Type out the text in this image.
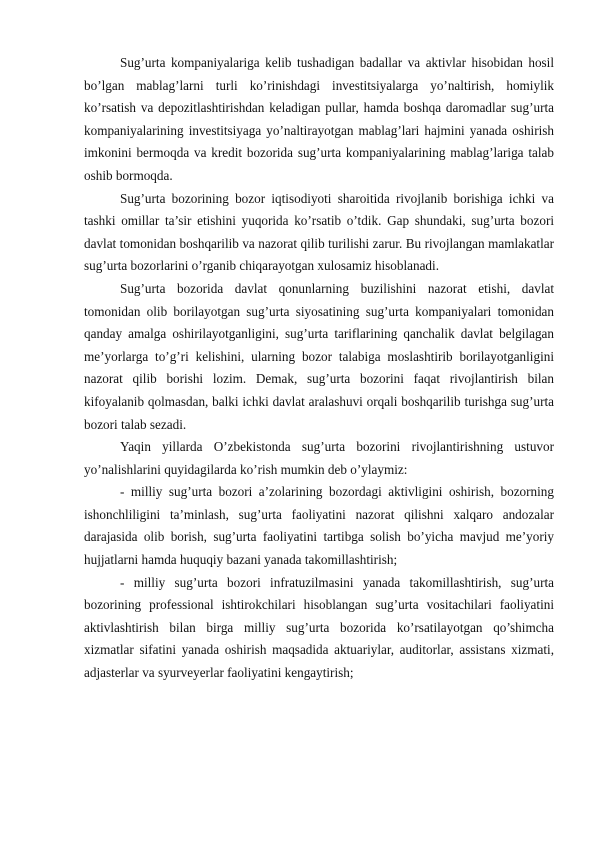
Sug’urta kompaniyalariga kelib tushadigan badallar va aktivlar hisobidan hosil bo’lgan mablag’larni turli ko’rinishdagi investitsiyalarga yo’naltirish, homiylik ko’rsatish va depozitlashtirishdan keladigan pullar, hamda boshqa daromadlar sug’urta kompaniyalarining investitsiyaga yo’naltirayotgan mablag’lari hajmini yanada oshirish imkonini bermoqda va kredit bozorida sug’urta kompaniyalarining mablag’lariga talab oshib bormoqda.

Sug’urta bozorining bozor iqtisodiyoti sharoitida rivojlanib borishiga ichki va tashki omillar ta’sir etishini yuqorida ko’rsatib o’tdik. Gap shundaki, sug’urta bozori davlat tomonidan boshqarilib va nazorat qilib turilishi zarur. Bu rivojlangan mamlakatlar sug’urta bozorlarini o’rganib chiqarayotgan xulosamiz hisoblanadi.

Sug’urta bozorida davlat qonunlarning buzilishini nazorat etishi, davlat tomonidan olib borilayotgan sug’urta siyosatining sug’urta kompaniyalari tomonidan qanday amalga oshirilayotganligini, sug’urta tariflarining qanchalik davlat belgilagan me’yorlarga to’g’ri kelishini, ularning bozor talabiga moslashtirib borilayotganligini nazorat qilib borishi lozim. Demak, sug’urta bozorini faqat rivojlantirish bilan kifoyalanib qolmasdan, balki ichki davlat aralashuvi orqali boshqarilib turishga sug’urta bozori talab sezadi.

Yaqin yillarda O’zbekistonda sug’urta bozorini rivojlantirishning ustuvor yo’nalishlarini quyidagilarda ko’rish mumkin deb o’ylaymiz:

- milliy sug’urta bozori a’zolarining bozordagi aktivligini oshirish, bozorning ishonchliligini ta’minlash, sug’urta faoliyatini nazorat qilishni xalqaro andozalar darajasida olib borish, sug’urta faoliyatini tartibga solish bo’yicha mavjud me’yoriy hujjatlarni hamda huquqiy bazani yanada takomillashtirish;

- milliy sug’urta bozori infratuzilmasini yanada takomillashtirish, sug’urta bozorining professional ishtirokchilari hisoblangan sug’urta vositachilari faoliyatini aktivlashtirish bilan birga milliy sug’urta bozorida ko’rsatilayotgan qo’shimcha xizmatlar sifatini yanada oshirish maqsadida aktuariylar, auditorlar, assistans xizmati, adjasterlar va syurveyerlar faoliyatini kengaytirish;
